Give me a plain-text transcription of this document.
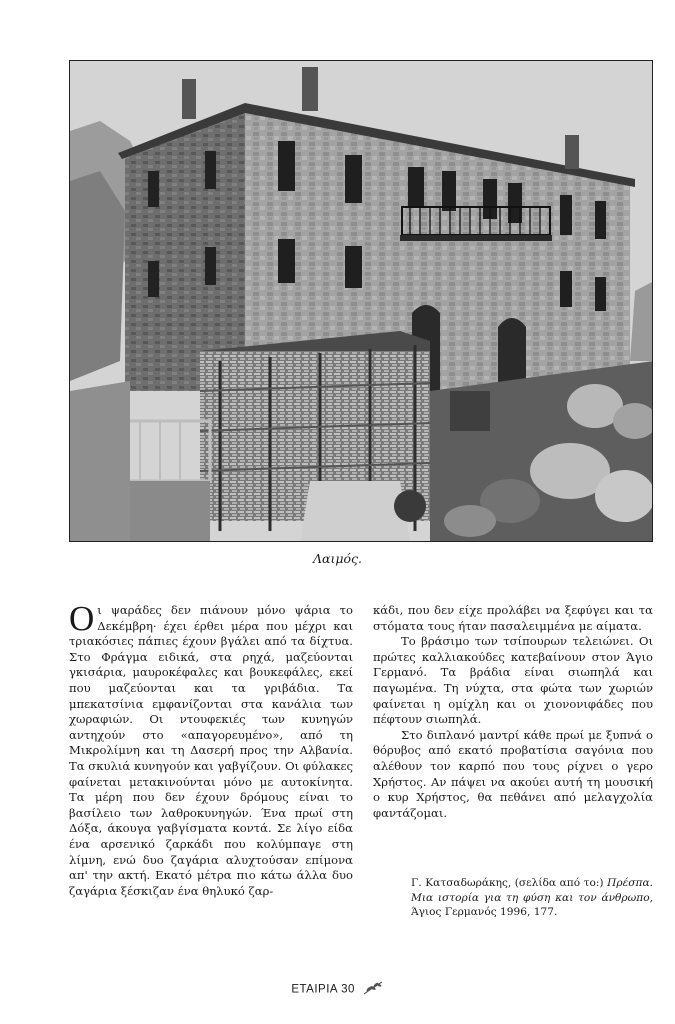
Λαιμός.

Οι ψαράδες δεν πιάνουν μόνο ψάρια το Δεκέμβρη· έχει έρθει μέρα που μέχρι και τριακόσιες πάπιες έχουν βγάλει από τα δίχτυα. Στο Φράγμα ειδικά, στα ρηχά, μαζεύονται γκισάρια, μαυροκέφαλες και βουκεφάλες, εκεί που μαζεύονται και τα γριβάδια. Τα μπεκατσίνια εμφανίζονται στα κανάλια των χωραφιών. Οι ντουφεκιές των κυνηγών αντηχούν στο «απαγορευμένο», από τη Μικρολίμνη και τη Δασερή προς την Αλβανία. Τα σκυλιά κυνηγούν και γαβγίζουν. Οι φύλακες φαίνεται μετακινούνται μόνο με αυτοκίνητα. Τα μέρη που δεν έχουν δρόμους είναι το βασίλειο των λαθροκυνηγών. Ένα πρωί στη Δόξα, άκουγα γαβγίσματα κοντά. Σε λίγο είδα ένα αρσενικό ζαρκάδι που κολύμπαγε στη λίμνη, ενώ δυο ζαγάρια αλυχτούσαν επίμονα απ' την ακτή. Εκατό μέτρα πιο κάτω άλλα δυο ζαγάρια ξέσκιζαν ένα θηλυκό ζαρ-

κάδι, που δεν είχε προλάβει να ξεφύγει και τα στόματα τους ήταν πασαλειμμένα με αίματα.

Το βράσιμο των τσίπουρων τελειώνει. Οι πρώτες καλλιακούδες κατεβαίνουν στον Άγιο Γερμανό. Τα βράδια είναι σιωπηλά και παγωμένα. Τη νύχτα, στα φώτα των χωριών φαίνεται η ομίχλη και οι χιονονιφάδες που πέφτουν σιωπηλά.

Στο διπλανό μαντρί κάθε πρωί με ξυπνά ο θόρυβος από εκατό προβατίσια σαγόνια που αλέθουν τον καρπό που τους ρίχνει ο γερο Χρήστος. Αν πάψει να ακούει αυτή τη μουσική ο κυρ Χρήστος, θα πεθάνει από μελαγχολία φαντάζομαι.

Γ. Κατσαδωράκης, (σελίδα από το:) Πρέσπα. Μια ιστορία για τη φύση και τον άνθρωπο, Άγιος Γερμανός 1996, 177.
ΕΤΑΙΡΙΑ 30
